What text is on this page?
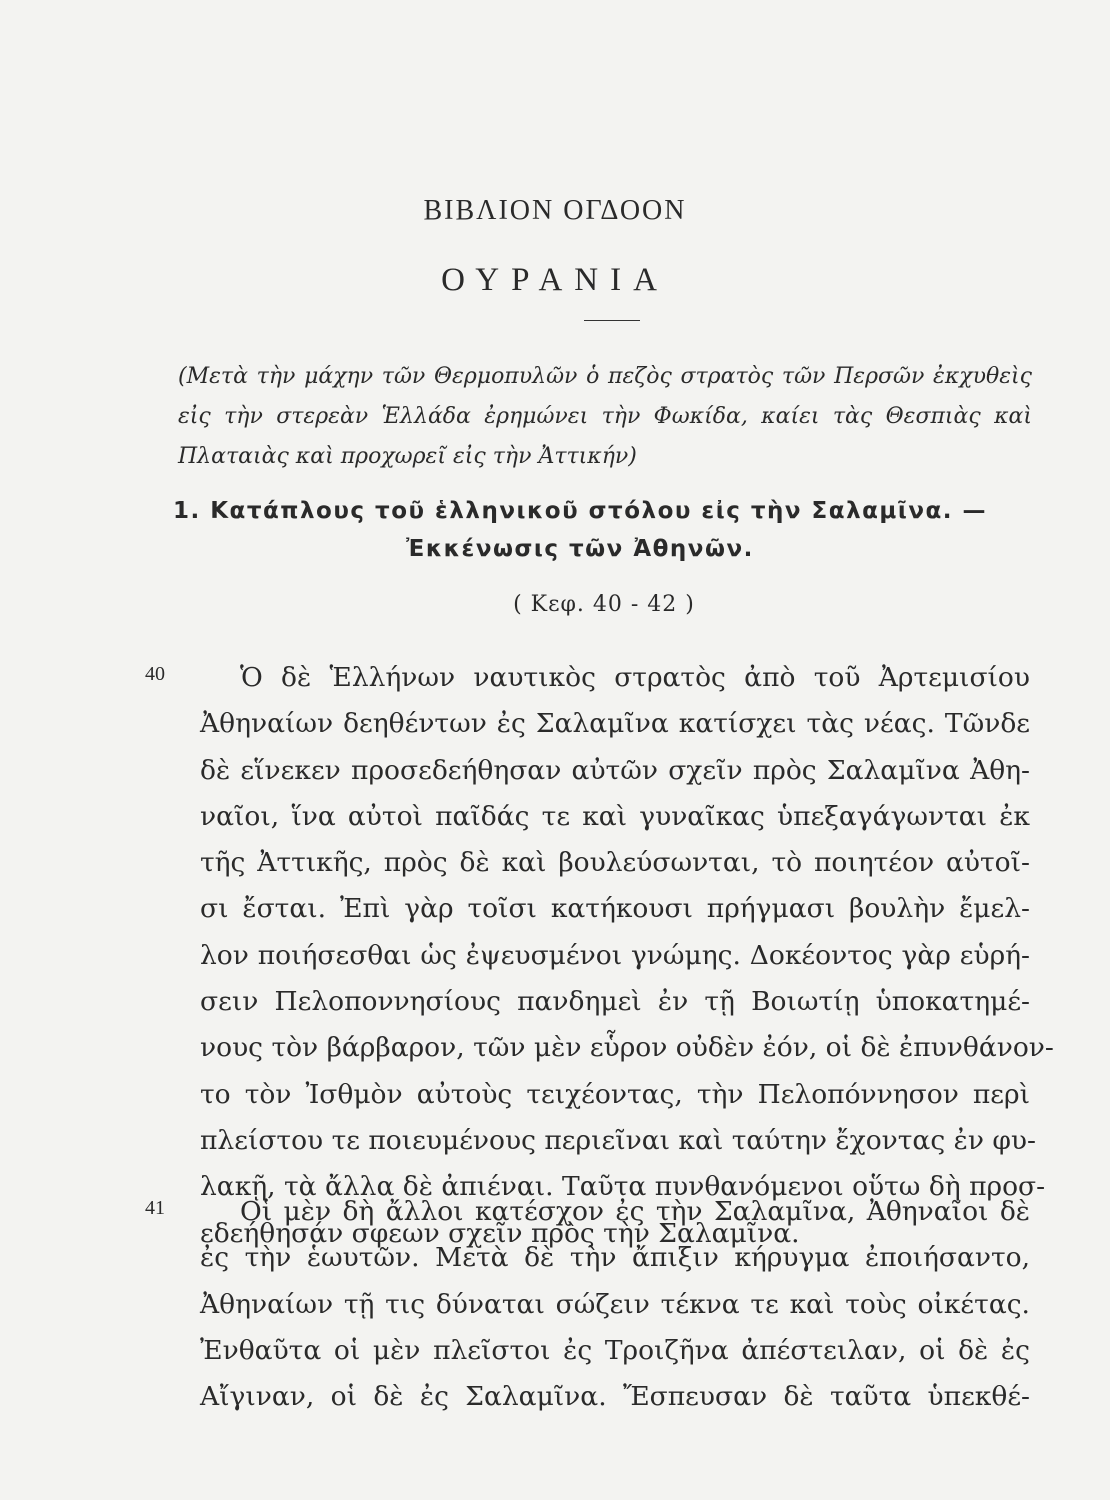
ΒΙΒΛΙΟΝ ΟΓΔΟΟΝ
ΟΥΡΑΝΙΑ
(Μετὰ τὴν μάχην τῶν Θερμοπυλῶν ὁ πεζὸς στρατὸς τῶν Περσῶν ἐκχυθεὶς εἰς τὴν στερεὰν Ἑλλάδα ἐρημώνει τὴν Φωκίδα, καίει τὰς Θεσπιὰς καὶ Πλαταιὰς καὶ προχωρεῖ εἰς τὴν Ἀττικήν)
1. Κατάπλους τοῦ ἑλληνικοῦ στόλου εἰς τὴν Σαλαμῖνα. —
Ἐκκένωσις τῶν Ἀθηνῶν.
( Κεφ. 40 - 42 )
40	Ὁ δὲ Ἑλλήνων ναυτικὸς στρατὸς ἀπὸ τοῦ Ἀρτεμισίου
Ἀθηναίων δεηθέντων ἐς Σαλαμῖνα κατίσχει τὰς νέας. Τῶνδε
δὲ εἵνεκεν προσεδεήθησαν αὐτῶν σχεῖν πρὸς Σαλαμῖνα Ἀθη-
ναῖοι, ἵνα αὐτοὶ παῖδάς τε καὶ γυναῖκας ὑπεξαγάγωνται ἐκ
τῆς Ἀττικῆς, πρὸς δὲ καὶ βουλεύσωνται, τὸ ποιητέον αὐτοῖ-
σι ἔσται. Ἐπὶ γὰρ τοῖσι κατήκουσι πρήγμασι βουλὴν ἔμελ-
λον ποιήσεσθαι ὡς ἐψευσμένοι γνώμης. Δοκέοντος γὰρ εὑρή-
σειν Πελοποννησίους πανδημεὶ ἐν τῇ Βοιωτίῃ ὑποκατημέ-
νους τὸν βάρβαρον, τῶν μὲν εὗρον οὐδὲν ἐόν, οἱ δὲ ἐπυνθάνον-
το τὸν Ἰσθμὸν αὐτοὺς τειχέοντας, τὴν Πελοπόννησον περὶ
πλείστου τε ποιευμένους περιεῖναι καὶ ταύτην ἔχοντας ἐν φυ-
λακῇ, τὰ ἄλλα δὲ ἀπιέναι. Ταῦτα πυνθανόμενοι οὕτω δὴ προσ-
εδεήθησάν σφεων σχεῖν πρὸς τὴν Σαλαμῖνα.
41	Οἱ μὲν δὴ ἄλλοι κατέσχον ἐς τὴν Σαλαμῖνα, Ἀθηναῖοι δὲ
ἐς τὴν ἑωυτῶν. Μετὰ δὲ τὴν ἄπιξιν κήρυγμα ἐποιήσαντο,
Ἀθηναίων τῇ τις δύναται σώζειν τέκνα τε καὶ τοὺς οἰκέτας.
Ἐνθαῦτα οἱ μὲν πλεῖστοι ἐς Τροιζῆνα ἀπέστειλαν, οἱ δὲ ἐς
Αἴγιναν, οἱ δὲ ἐς Σαλαμῖνα. Ἔσπευσαν δὲ ταῦτα ὑπεκθέ-
